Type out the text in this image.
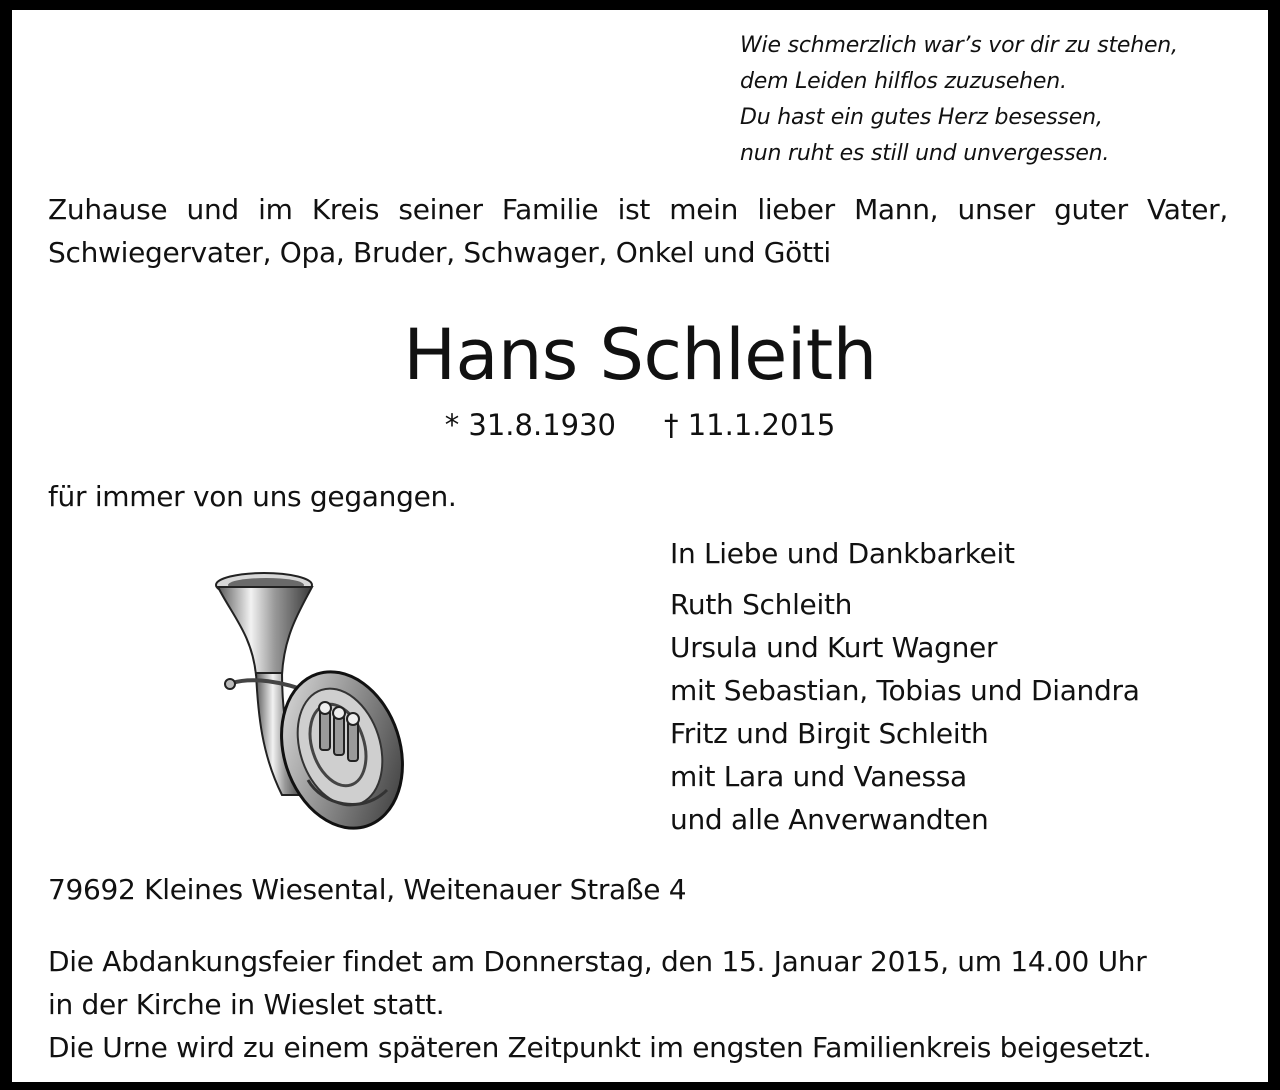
Wie schmerzlich war’s vor dir zu stehen,
dem Leiden hilflos zuzusehen.
Du hast ein gutes Herz besessen,
nun ruht es still und unvergessen.
Zuhause und im Kreis seiner Familie ist mein lieber Mann, unser guter Vater, Schwiegervater, Opa, Bruder, Schwager, Onkel und Götti
Hans Schleith
* 31.8.1930 † 11.1.2015
für immer von uns gegangen.
In Liebe und Dankbarkeit
Ruth Schleith
Ursula und Kurt Wagner
mit Sebastian, Tobias und Diandra
Fritz und Birgit Schleith
mit Lara und Vanessa
und alle Anverwandten
79692 Kleines Wiesental, Weitenauer Straße 4
Die Abdankungsfeier findet am Donnerstag, den 15. Januar 2015, um 14.00 Uhr
in der Kirche in Wieslet statt.
Die Urne wird zu einem späteren Zeitpunkt im engsten Familienkreis beigesetzt.
